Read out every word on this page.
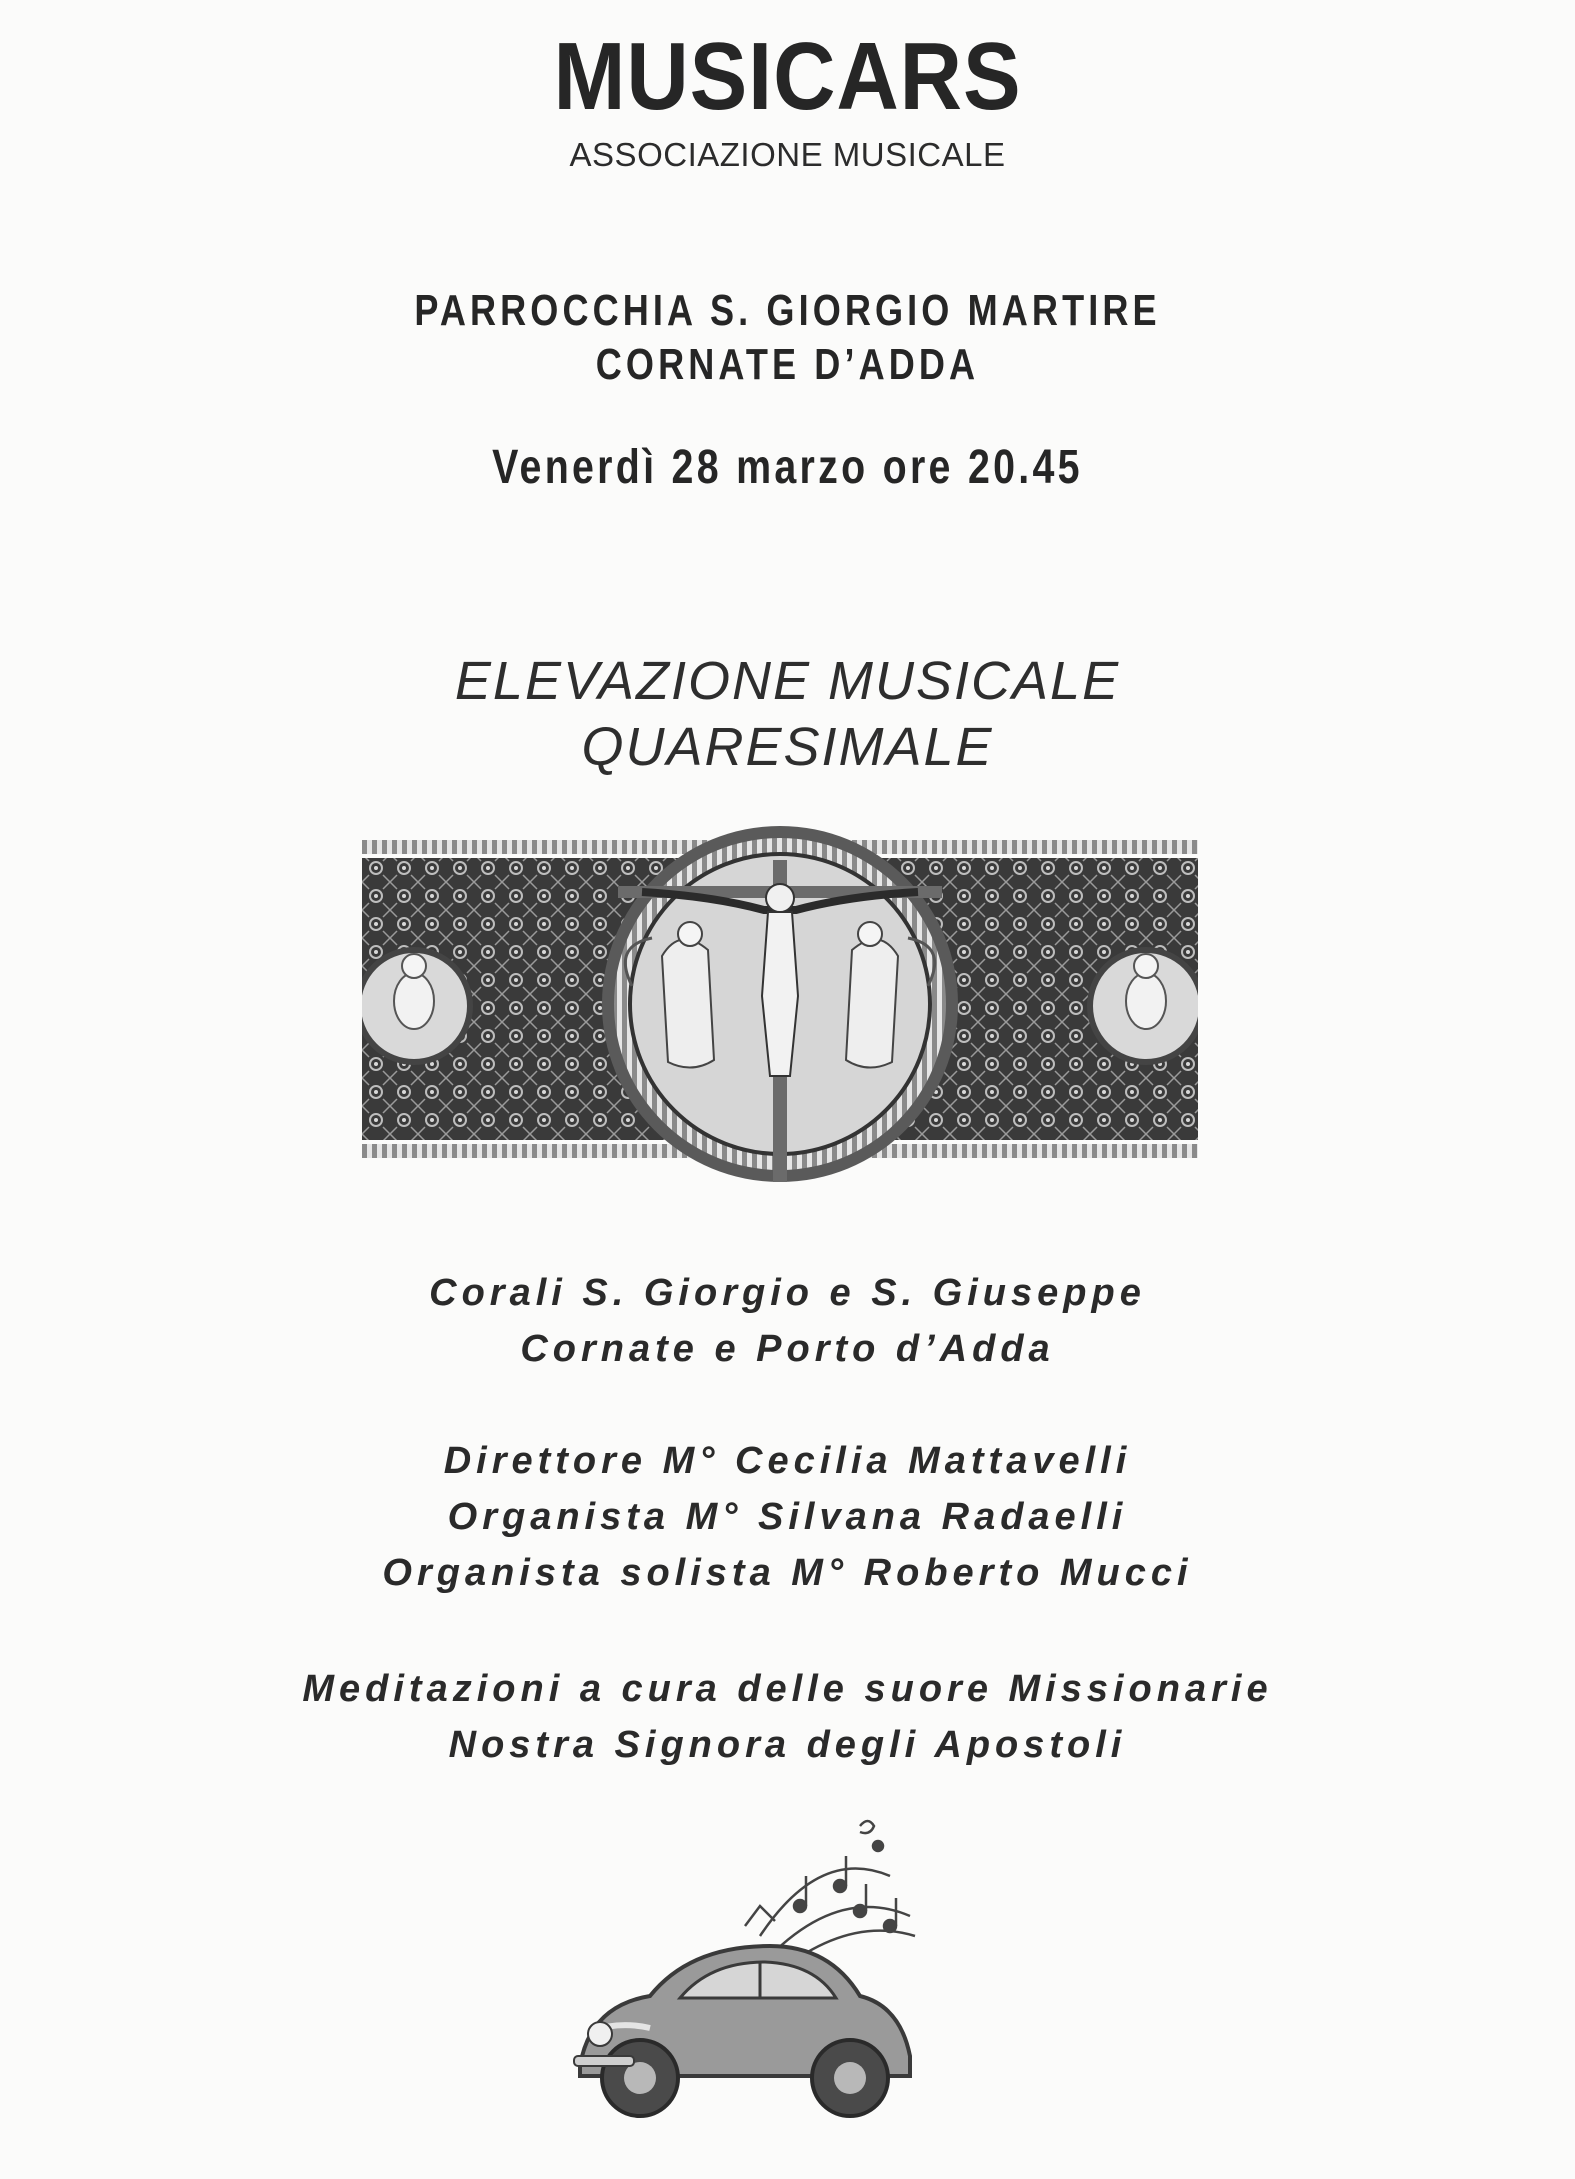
MUSICARS
ASSOCIAZIONE MUSICALE
PARROCCHIA S. GIORGIO MARTIRE
CORNATE D’ADDA
Venerdì 28 marzo ore 20.45
ELEVAZIONE MUSICALE
QUARESIMALE
Corali S. Giorgio e S. Giuseppe
Cornate e Porto d’Adda
Direttore M° Cecilia Mattavelli
Organista M° Silvana Radaelli
Organista solista M° Roberto Mucci
Meditazioni a cura delle suore Missionarie
Nostra Signora degli Apostoli
